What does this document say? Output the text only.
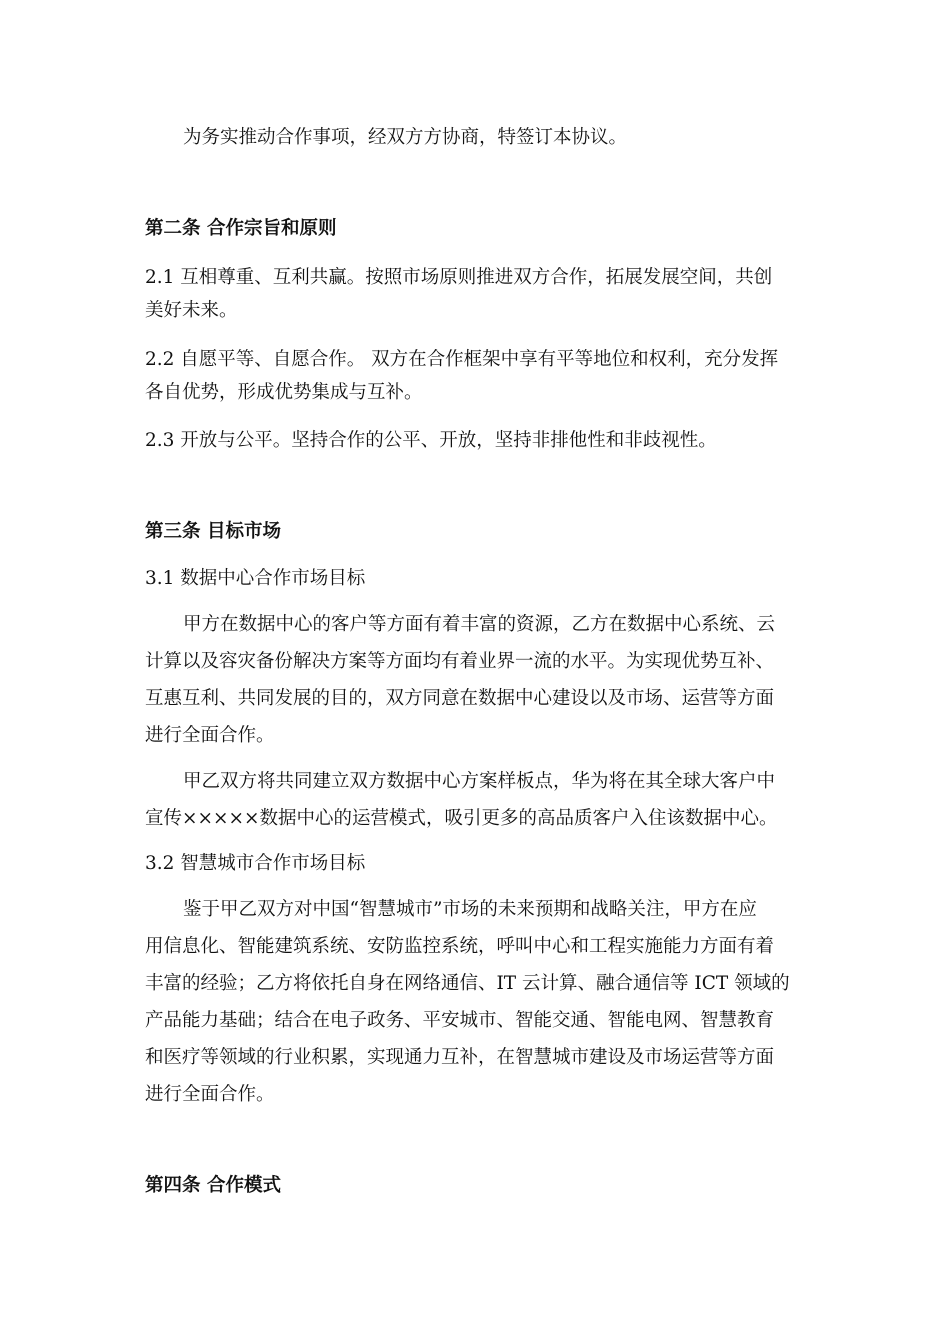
为务实推动合作事项，经双方方协商，特签订本协议。

第二条 合作宗旨和原则

2.1 互相尊重、互利共赢。按照市场原则推进双方合作，拓展发展空间，共创

美好未来。

2.2 自愿平等、自愿合作。 双方在合作框架中享有平等地位和权利，充分发挥

各自优势，形成优势集成与互补。

2.3 开放与公平。坚持合作的公平、开放，坚持非排他性和非歧视性。

第三条 目标市场

3.1 数据中心合作市场目标

甲方在数据中心的客户等方面有着丰富的资源，乙方在数据中心系统、云

计算以及容灾备份解决方案等方面均有着业界一流的水平。为实现优势互补、

互惠互利、共同发展的目的，双方同意在数据中心建设以及市场、运营等方面

进行全面合作。

甲乙双方将共同建立双方数据中心方案样板点，华为将在其全球大客户中

宣传×××××数据中心的运营模式，吸引更多的高品质客户入住该数据中心。

3.2 智慧城市合作市场目标

鉴于甲乙双方对中国“智慧城市”市场的未来预期和战略关注，甲方在应

用信息化、智能建筑系统、安防监控系统，呼叫中心和工程实施能力方面有着

丰富的经验；乙方将依托自身在网络通信、IT 云计算、融合通信等 ICT 领域的

产品能力基础；结合在电子政务、平安城市、智能交通、智能电网、智慧教育

和医疗等领域的行业积累，实现通力互补，在智慧城市建设及市场运营等方面

进行全面合作。

第四条 合作模式
